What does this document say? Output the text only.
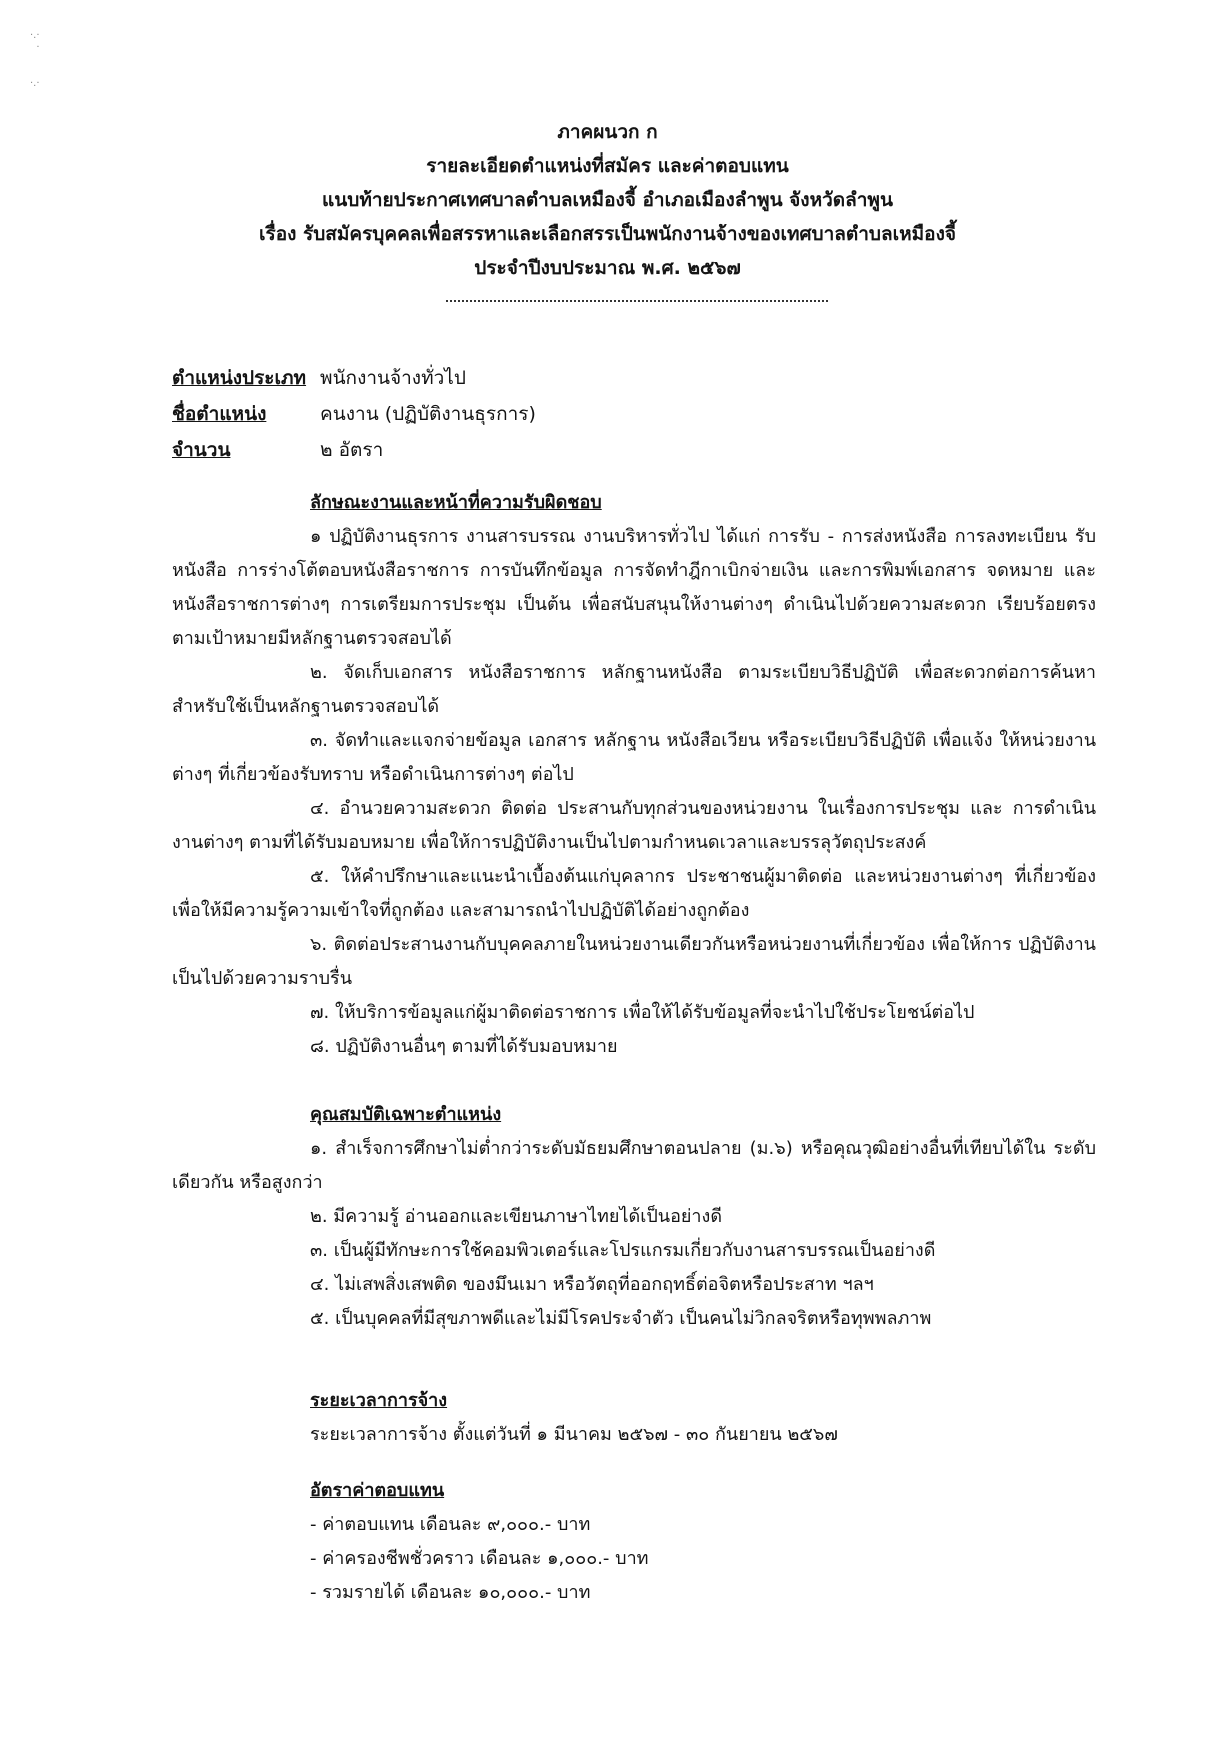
·.·
·

·.·
ภาคผนวก ก
รายละเอียดตำแหน่งที่สมัคร และค่าตอบแทน
แนบท้ายประกาศเทศบาลตำบลเหมืองจี้ อำเภอเมืองลำพูน จังหวัดลำพูน
เรื่อง รับสมัครบุคคลเพื่อสรรหาและเลือกสรรเป็นพนักงานจ้างของเทศบาลตำบลเหมืองจี้
ประจำปีงบประมาณ พ.ศ. ๒๕๖๗
ตำแหน่งประเภท พนักงานจ้างทั่วไป
ชื่อตำแหน่ง	คนงาน (ปฏิบัติงานธุรการ)
จำนวน	๒ อัตรา
ลักษณะงานและหน้าที่ความรับผิดชอบ
๑ ปฏิบัติงานธุรการ งานสารบรรณ งานบริหารทั่วไป ได้แก่ การรับ - การส่งหนังสือ การลงทะเบียน รับหนังสือ การร่างโต้ตอบหนังสือราชการ การบันทึกข้อมูล การจัดทำฎีกาเบิกจ่ายเงิน และการพิมพ์เอกสาร จดหมาย และหนังสือราชการต่างๆ การเตรียมการประชุม เป็นต้น เพื่อสนับสนุนให้งานต่างๆ ดำเนินไปด้วยความสะดวก เรียบร้อยตรงตามเป้าหมายมีหลักฐานตรวจสอบได้
๒. จัดเก็บเอกสาร หนังสือราชการ หลักฐานหนังสือ ตามระเบียบวิธีปฏิบัติ เพื่อสะดวกต่อการค้นหา สำหรับใช้เป็นหลักฐานตรวจสอบได้
๓. จัดทำและแจกจ่ายข้อมูล เอกสาร หลักฐาน หนังสือเวียน หรือระเบียบวิธีปฏิบัติ เพื่อแจ้ง ให้หน่วยงานต่างๆ ที่เกี่ยวข้องรับทราบ หรือดำเนินการต่างๆ ต่อไป
๔. อำนวยความสะดวก ติดต่อ ประสานกับทุกส่วนของหน่วยงาน ในเรื่องการประชุม และ การดำเนินงานต่างๆ ตามที่ได้รับมอบหมาย เพื่อให้การปฏิบัติงานเป็นไปตามกำหนดเวลาและบรรลุวัตถุประสงค์
๕. ให้คำปรึกษาและแนะนำเบื้องต้นแก่บุคลากร ประชาชนผู้มาติดต่อ และหน่วยงานต่างๆ ที่เกี่ยวข้อง เพื่อให้มีความรู้ความเข้าใจที่ถูกต้อง และสามารถนำไปปฏิบัติได้อย่างถูกต้อง
๖. ติดต่อประสานงานกับบุคคลภายในหน่วยงานเดียวกันหรือหน่วยงานที่เกี่ยวข้อง เพื่อให้การ ปฏิบัติงานเป็นไปด้วยความราบรื่น
๗. ให้บริการข้อมูลแก่ผู้มาติดต่อราชการ เพื่อให้ได้รับข้อมูลที่จะนำไปใช้ประโยชน์ต่อไป
๘. ปฏิบัติงานอื่นๆ ตามที่ได้รับมอบหมาย
คุณสมบัติเฉพาะตำแหน่ง
๑. สำเร็จการศึกษาไม่ต่ำกว่าระดับมัธยมศึกษาตอนปลาย (ม.๖) หรือคุณวุฒิอย่างอื่นที่เทียบได้ใน ระดับเดียวกัน หรือสูงกว่า
๒. มีความรู้ อ่านออกและเขียนภาษาไทยได้เป็นอย่างดี
๓. เป็นผู้มีทักษะการใช้คอมพิวเตอร์และโปรแกรมเกี่ยวกับงานสารบรรณเป็นอย่างดี
๔. ไม่เสพสิ่งเสพติด ของมึนเมา หรือวัตถุที่ออกฤทธิ์ต่อจิตหรือประสาท ฯลฯ
๕. เป็นบุคคลที่มีสุขภาพดีและไม่มีโรคประจำตัว เป็นคนไม่วิกลจริตหรือทุพพลภาพ
ระยะเวลาการจ้าง
ระยะเวลาการจ้าง ตั้งแต่วันที่ ๑ มีนาคม ๒๕๖๗ - ๓๐ กันยายน ๒๕๖๗
อัตราค่าตอบแทน
- ค่าตอบแทน เดือนละ ๙,๐๐๐.- บาท
- ค่าครองชีพชั่วคราว เดือนละ ๑,๐๐๐.- บาท
- รวมรายได้ เดือนละ ๑๐,๐๐๐.- บาท
